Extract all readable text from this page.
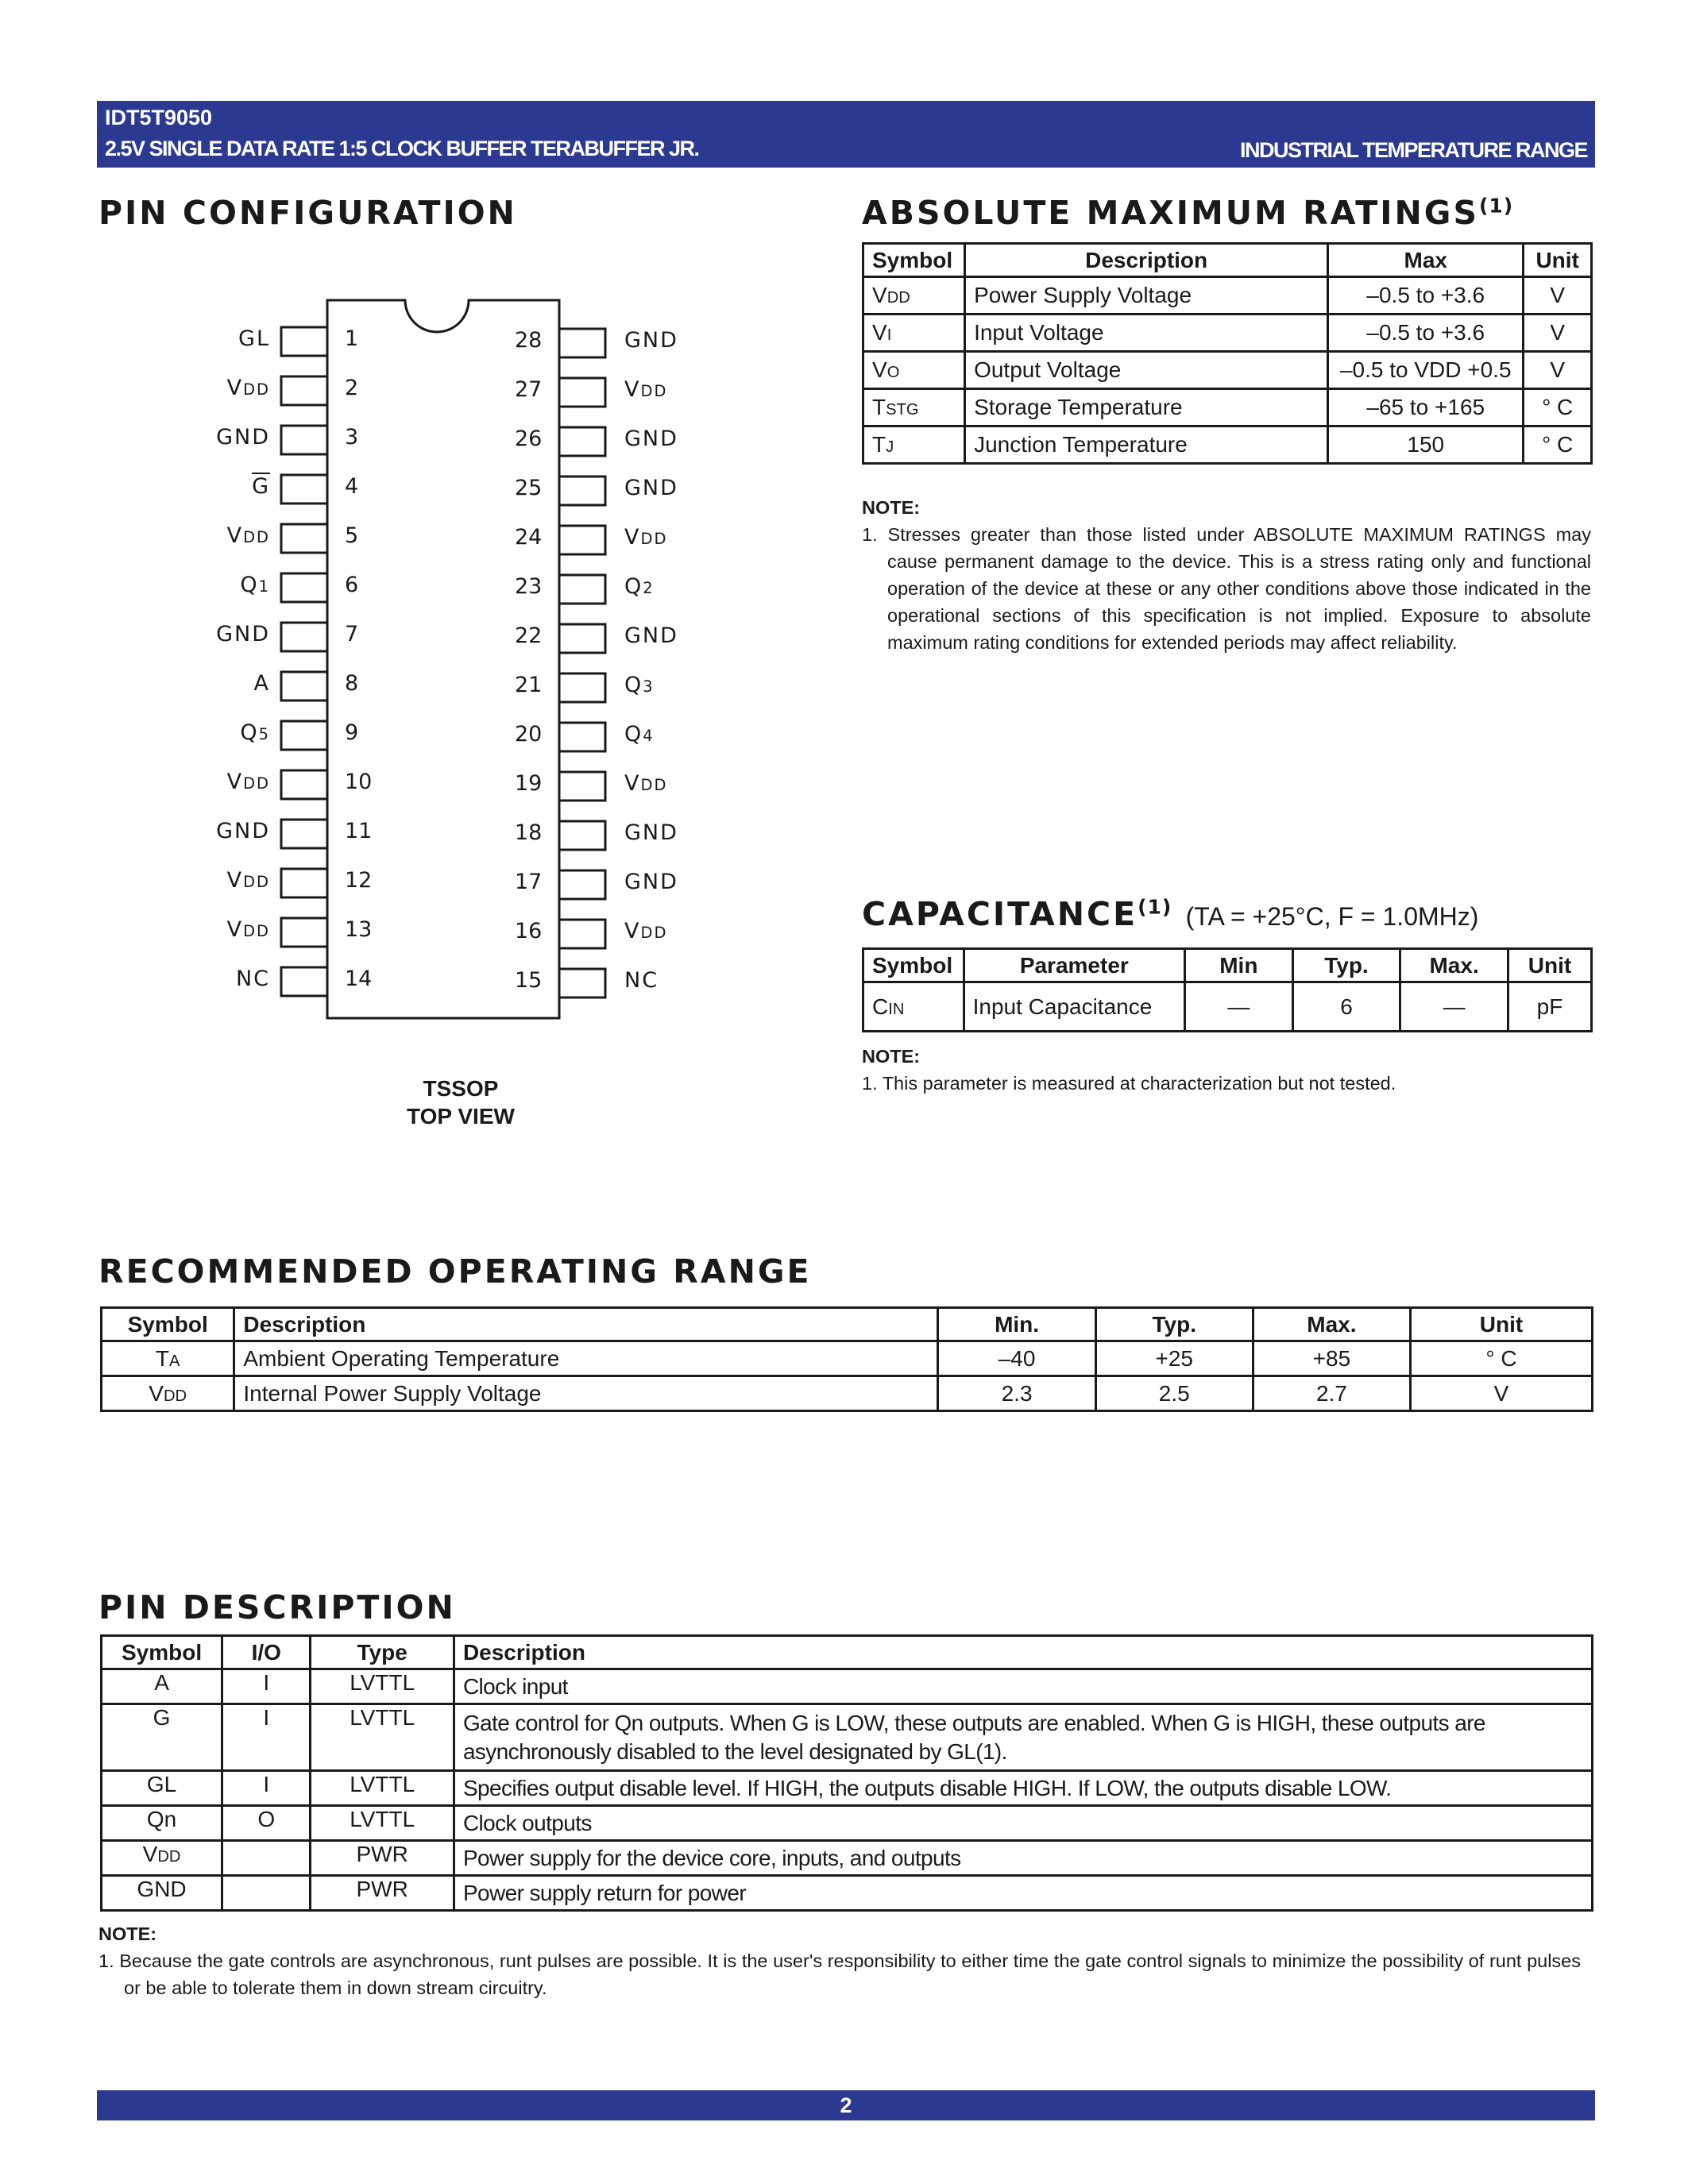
IDT5T9050
2.5V SINGLE DATA RATE 1:5 CLOCK BUFFER TERABUFFER JR.	INDUSTRIAL TEMPERATURE RANGE
PIN CONFIGURATION
GL	1
VDD	2
GND	3
$\overline{G}$	4
VDD	5
Q1	6
GND	7
A	8
Q5	9
VDD	10
GND	11
VDD	12
VDD	13
NC	14
GND
28
VDD
27
GND
26
GND
25
VDD
24
Q2
23
GND
22
Q3
21
Q4
20
VDD
19
GND
18
GND
17
VDD
16
NC
15
TSSOP
TOP VIEW
ABSOLUTE MAXIMUM RATINGS$^{(1)}$
Symbol	Description	Max	Unit
VDD	Power Supply Voltage	–0.5 to +3.6	V
VI	Input Voltage	–0.5 to +3.6	V
VO	Output Voltage	–0.5 to VDD +0.5	V
TSTG	Storage Temperature	–65 to +165	° C
TJ	Junction Temperature	150	° C
NOTE:
1. Stresses greater than those listed under ABSOLUTE MAXIMUM RATINGS may cause permanent damage to the device. This is a stress rating only and functional operation of the device at these or any other conditions above those indicated in the operational sections of this specification is not implied. Exposure to absolute maximum rating conditions for extended periods may affect reliability.
CAPACITANCE$^{(1)}$ (TA = +25°C, F = 1.0MHz)
Symbol	Parameter	Min	Typ.	Max.	Unit
CIN	Input Capacitance	—	6	—	pF
NOTE:
1. This parameter is measured at characterization but not tested.
RECOMMENDED OPERATING RANGE
Symbol	Description	Min.	Typ.	Max.	Unit
TA	Ambient Operating Temperature	–40	+25	+85	° C
VDD	Internal Power Supply Voltage	2.3	2.5	2.7	V
PIN DESCRIPTION
Symbol	I/O	Type	Description
A	I	LVTTL	Clock input
$\overline{G}$	I	LVTTL	Gate control for Qn outputs. When G is LOW, these outputs are enabled. When G is HIGH, these outputs are asynchronously disabled to the level designated by GL(1).
GL	I	LVTTL	Specifies output disable level. If HIGH, the outputs disable HIGH. If LOW, the outputs disable LOW.
Qn	O	LVTTL	Clock outputs
VDD		PWR	Power supply for the device core, inputs, and outputs
GND		PWR	Power supply return for power
NOTE:
1. Because the gate controls are asynchronous, runt pulses are possible. It is the user's responsibility to either time the gate control signals to minimize the possibility of runt pulses or be able to tolerate them in down stream circuitry.
2
